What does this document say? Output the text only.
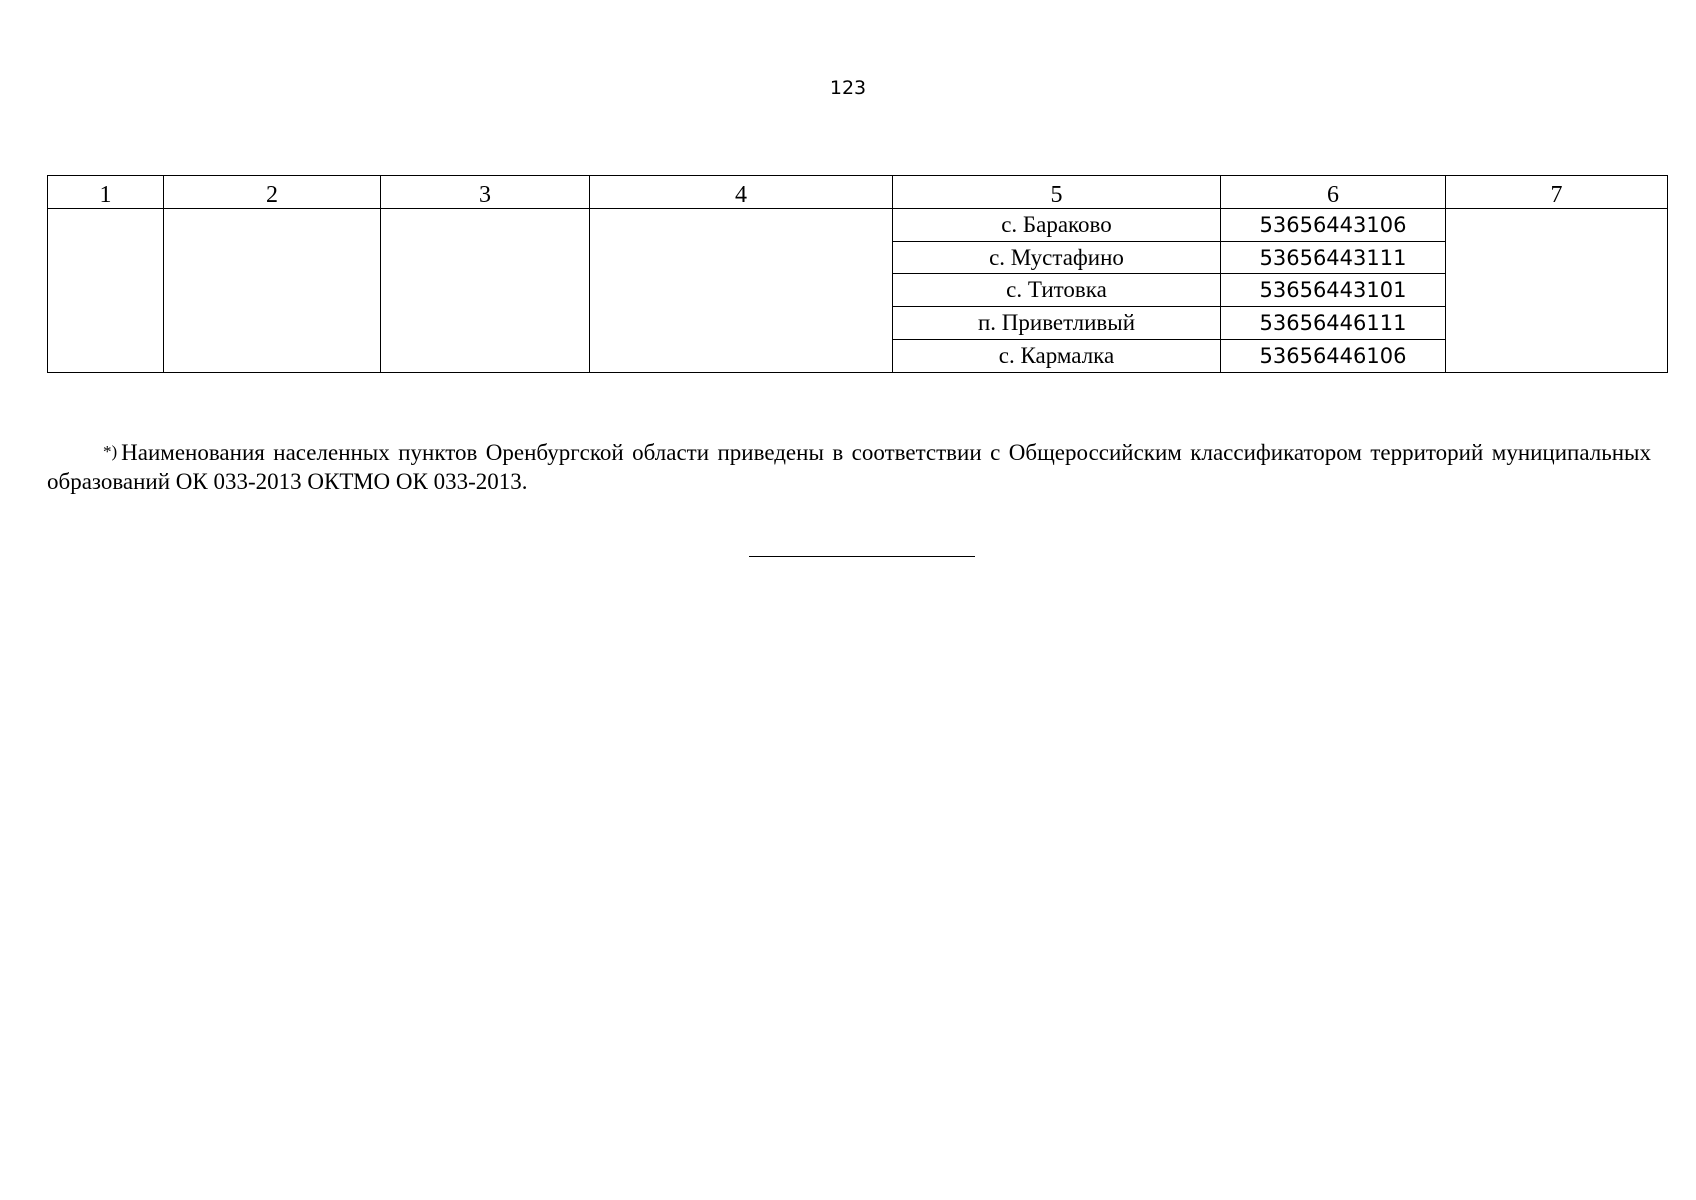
123
1	2	3	4	5	6	7
				с. Бараково	53656443106	
				с. Мустафино	53656443111	
				с. Титовка	53656443101	
				п. Приветливый	53656446111	
				с. Кармалка	53656446106	

*) Наименования населенных пунктов Оренбургской области приведены в соответствии с Общероссийским классификатором территорий муниципальных образований ОК 033-2013 ОКТМО ОК 033-2013.
